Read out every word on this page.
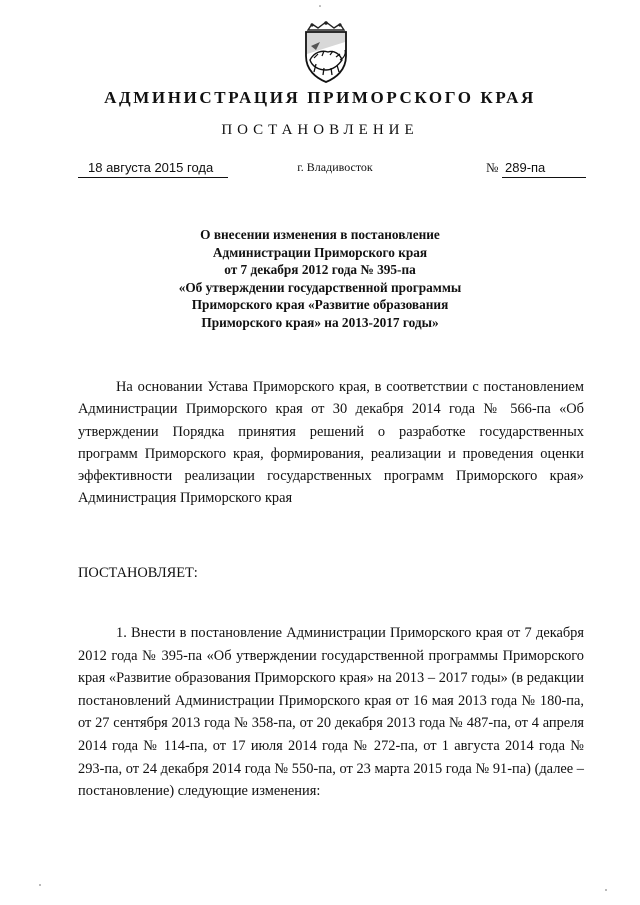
АДМИНИСТРАЦИЯ ПРИМОРСКОГО КРАЯ
ПОСТАНОВЛЕНИЕ
18 августа 2015 года	г. Владивосток	№ 289-па
О внесении изменения в постановление
Администрации Приморского края
от 7 декабря 2012 года № 395-па
«Об утверждении государственной программы
Приморского края «Развитие образования
Приморского края» на 2013-2017 годы»
На основании Устава Приморского края, в соответствии с постановлением Администрации Приморского края от 30 декабря 2014 года № 566-па «Об утверждении Порядка принятия решений о разработке государственных программ Приморского края, формирования, реализации и проведения оценки эффективности реализации государственных программ Приморского края» Администрация Приморского края
ПОСТАНОВЛЯЕТ:
1. Внести в постановление Администрации Приморского края от 7 декабря 2012 года № 395-па «Об утверждении государственной программы Приморского края «Развитие образования Приморского края» на 2013 – 2017 годы» (в редакции постановлений Администрации Приморского края от 16 мая 2013 года № 180-па, от 27 сентября 2013 года № 358-па, от 20 декабря 2013 года № 487-па, от 4 апреля 2014 года № 114-па, от 17 июля 2014 года № 272-па, от 1 августа 2014 года № 293-па, от 24 декабря 2014 года № 550-па, от 23 марта 2015 года № 91-па) (далее – постановление) следующие изменения:
